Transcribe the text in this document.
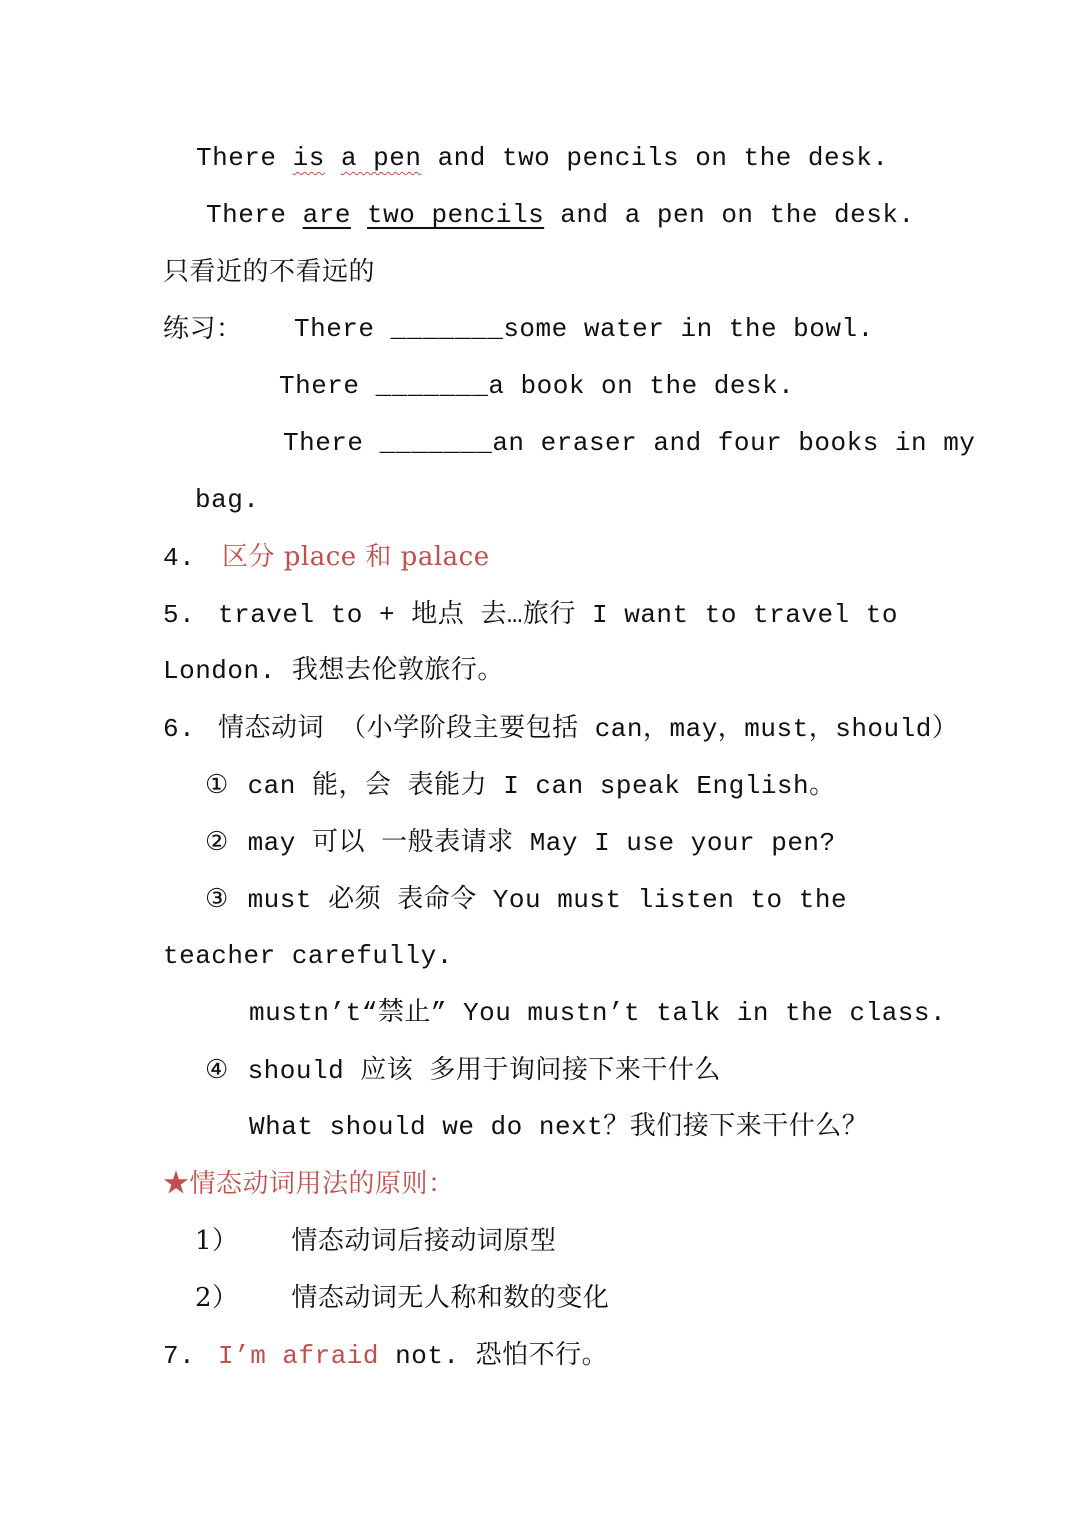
There is a pen and two pencils on the desk.
There are two pencils and a pen on the desk.
只看近的不看远的
练习： There _______some water in the bowl.
There _______a book on the desk.
There _______an eraser and four books in my
bag.
4. 区分 place 和 palace
5. travel to + 地点 去…旅行 I want to travel to
London. 我想去伦敦旅行。
6. 情态动词 （小学阶段主要包括 can，may，must，should）
① can 能，会 表能力 I can speak English。
② may 可以 一般表请求 May I use your pen?
③ must 必须 表命令 You must listen to the
teacher carefully.
mustn’t“禁止” You mustn’t talk in the class.
④ should 应该 多用于询问接下来干什么
What should we do next？我们接下来干什么？
★情态动词用法的原则：
1） 情态动词后接动词原型
2） 情态动词无人称和数的变化
7. I’m afraid not. 恐怕不行。
